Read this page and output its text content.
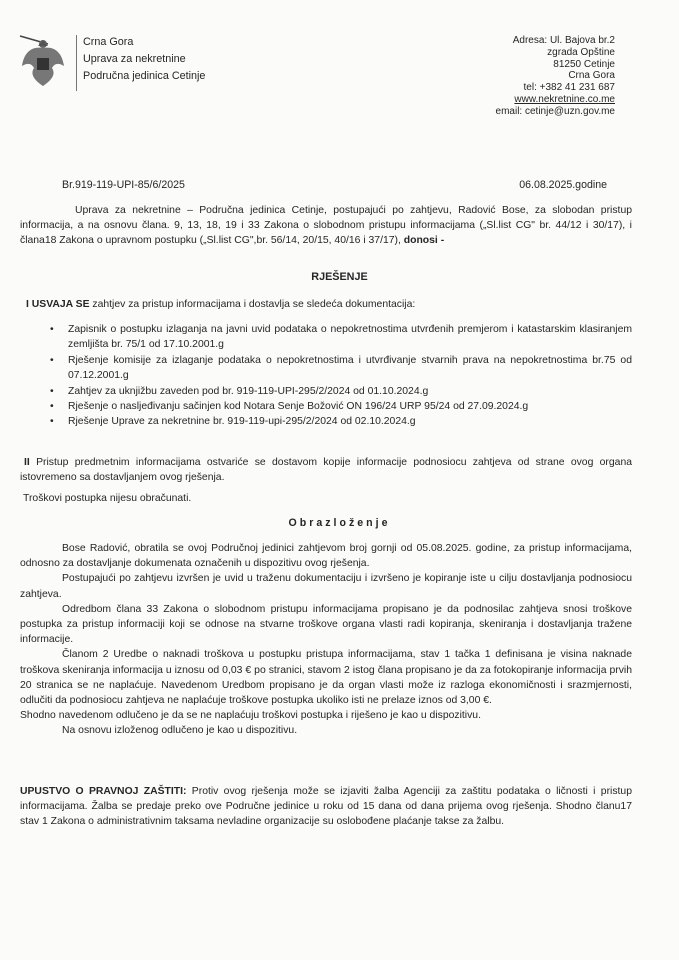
Crna Gora
Uprava za nekretnine
Područna jedinica Cetinje
Adresa: Ul. Bajova br.2
zgrada Opštine
81250 Cetinje
Crna Gora
tel: +382 41 231 687
www.nekretnine.co.me
email: cetinje@uzn.gov.me
Br.919-119-UPI-85/6/2025	06.08.2025.godine
Uprava za nekretnine – Područna jedinica Cetinje, postupajući po zahtjevu, Radović Bose, za slobodan pristup informacija, a na osnovu člana. 9, 13, 18, 19 i 33 Zakona o slobodnom pristupu informacijama („Sl.list CG" br. 44/12 i 30/17), i člana18 Zakona o upravnom postupku („Sl.list CG",br. 56/14, 20/15, 40/16 i 37/17), donosi -
RJEŠENJE
I USVAJA SE zahtjev za pristup informacijama i dostavlja se sledeća dokumentacija:
• Zapisnik o postupku izlaganja na javni uvid podataka o nepokretnostima utvrđenih premjerom i katastarskim klasiranjem zemljišta br. 75/1 od 17.10.2001.g
• Rješenje komisije za izlaganje podataka o nepokretnostima i utvrđivanje stvarnih prava na nepokretnostima br.75 od 07.12.2001.g
• Zahtjev za uknjižbu zaveden pod br. 919-119-UPI-295/2/2024 od 01.10.2024.g
• Rješenje o nasljeđivanju sačinjen kod Notara Senje Božović ON 196/24 URP 95/24 od 27.09.2024.g
• Rješenje Uprave za nekretnine br. 919-119-upi-295/2/2024 od 02.10.2024.g
II Pristup predmetnim informacijama ostvariće se dostavom kopije informacije podnosiocu zahtjeva od strane ovog organa istovremeno sa dostavljanjem ovog rješenja.
Troškovi postupka nijesu obračunati.
Obrazloženje
Bose Radović, obratila se ovoj Područnoj jedinici zahtjevom broj gornji od 05.08.2025. godine, za pristup informacijama, odnosno za dostavljanje dokumenata označenih u dispozitivu ovog rješenja.
Postupajući po zahtjevu izvršen je uvid u traženu dokumentaciju i izvršeno je kopiranje iste u cilju dostavljanja podnosiocu zahtjeva.
Odredbom člana 33 Zakona o slobodnom pristupu informacijama propisano je da podnosilac zahtjeva snosi troškove postupka za pristup informaciji koji se odnose na stvarne troškove organa vlasti radi kopiranja, skeniranja i dostavljanja tražene informacije.
Članom 2 Uredbe o naknadi troškova u postupku pristupa informacijama, stav 1 tačka 1 definisana je visina naknade troškova skeniranja informacija u iznosu od 0,03 € po stranici, stavom 2 istog člana propisano je da za fotokopiranje informacija prvih 20 stranica se ne naplaćuje. Navedenom Uredbom propisano je da organ vlasti može iz razloga ekonomičnosti i srazmjernosti, odlučiti da podnosiocu zahtjeva ne naplaćuje troškove postupka ukoliko isti ne prelaze iznos od 3,00 €.
Shodno navedenom odlučeno je da se ne naplaćuju troškovi postupka i riješeno je kao u dispozitivu.
Na osnovu izloženog odlučeno je kao u dispozitivu.
UPUSTVO O PRAVNOJ ZAŠTITI: Protiv ovog rješenja može se izjaviti žalba Agenciji za zaštitu podataka o ličnosti i pristup informacijama. Žalba se predaje preko ove Područne jedinice u roku od 15 dana od dana prijema ovog rješenja. Shodno članu17 stav 1 Zakona o administrativnim taksama nevladine organizacije su oslobođene plaćanje takse za žalbu.
